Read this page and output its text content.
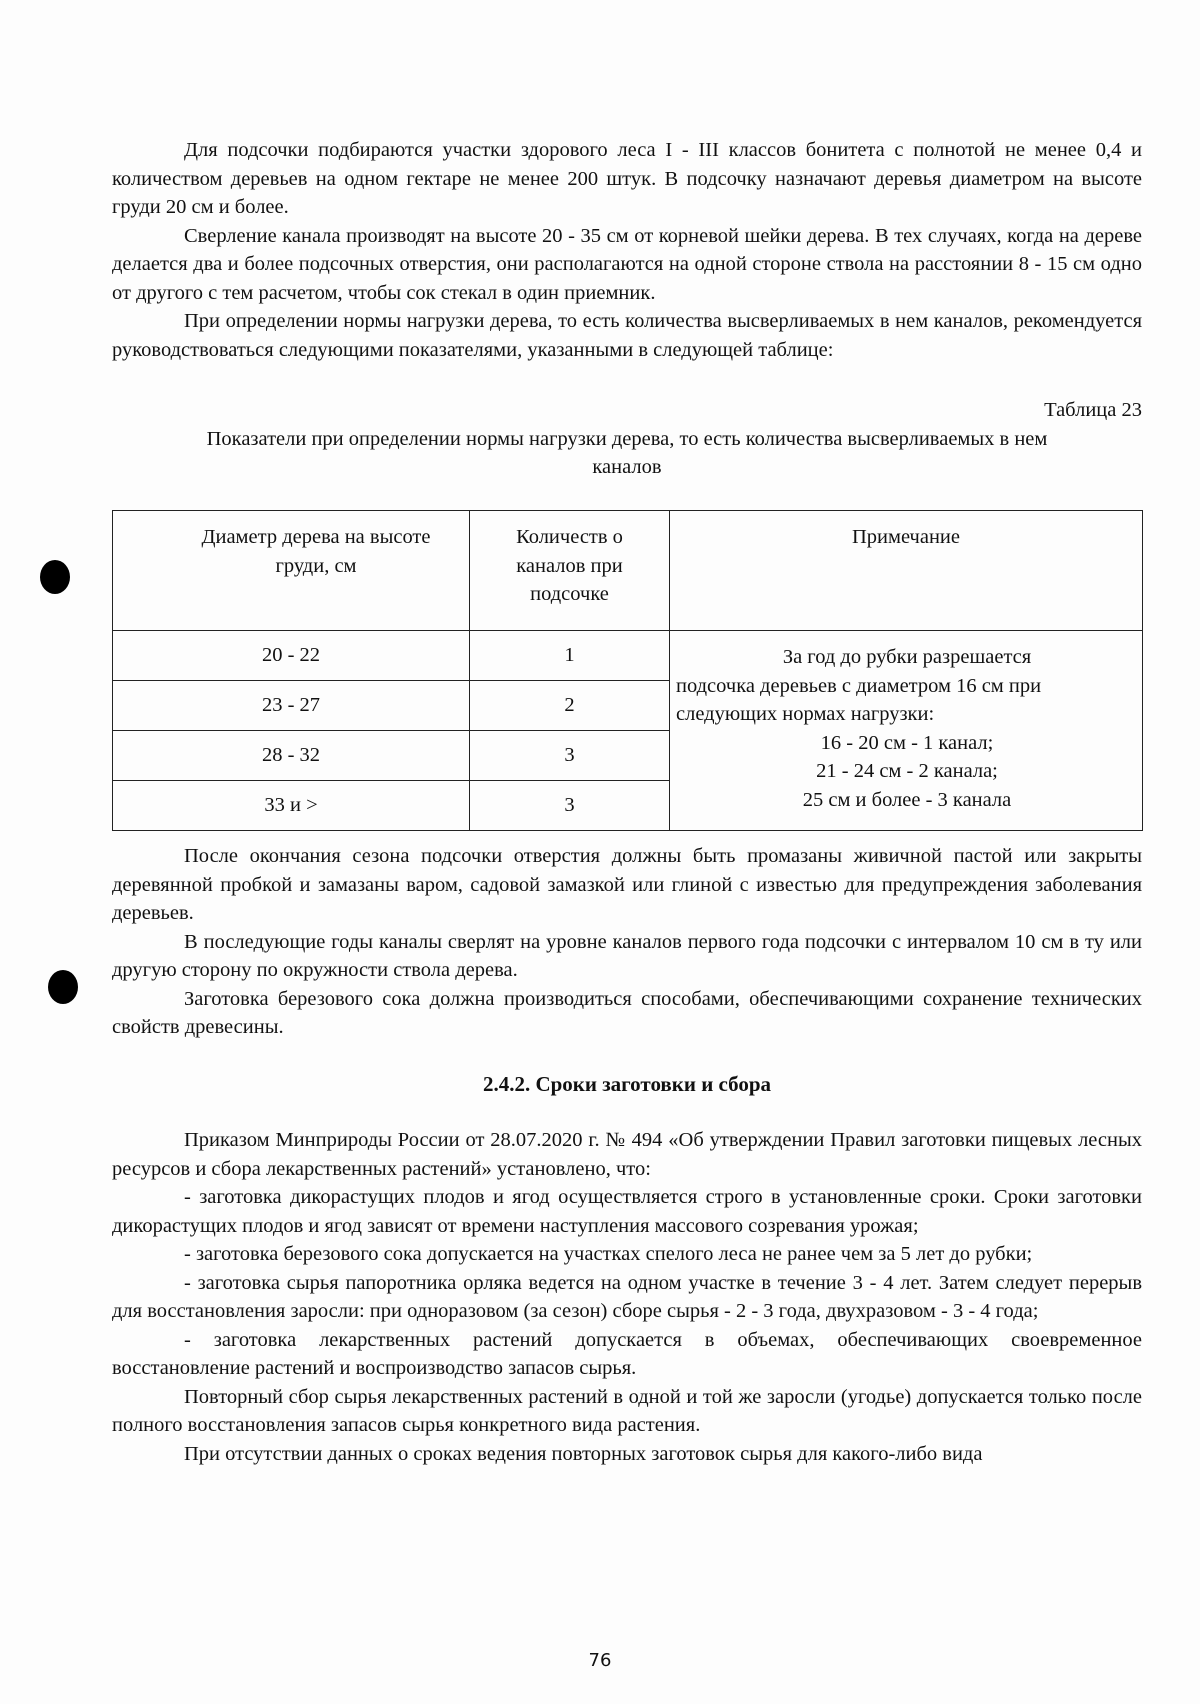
Для подсочки подбираются участки здорового леса I - III классов бонитета с полнотой не менее 0,4 и количеством деревьев на одном гектаре не менее 200 штук. В подсочку назначают деревья диаметром на высоте груди 20 см и более.

Сверление канала производят на высоте 20 - 35 см от корневой шейки дерева. В тех случаях, когда на дереве делается два и более подсочных отверстия, они располагаются на одной стороне ствола на расстоянии 8 - 15 см одно от другого с тем расчетом, чтобы сок стекал в один приемник.

При определении нормы нагрузки дерева, то есть количества высверливаемых в нем каналов, рекомендуется руководствоваться следующими показателями, указанными в следующей таблице:

Таблица 23

Показатели при определении нормы нагрузки дерева, то есть количества высверливаемых в нем

каналов

Диаметр дерева на высоте груди, см	Количеств о каналов при подсочке	Примечание
20 - 22	1	За год до рубки разрешается
подсочка деревьев с диаметром 16 см при
следующих нормах нагрузки:
16 - 20 см - 1 канал;
21 - 24 см - 2 канала;
25 см и более - 3 канала

23 - 27	2	
28 - 32	3	
33 и >	3	

После окончания сезона подсочки отверстия должны быть промазаны живичной пастой или закрыты деревянной пробкой и замазаны варом, садовой замазкой или глиной с известью для предупреждения заболевания деревьев.

В последующие годы каналы сверлят на уровне каналов первого года подсочки с интервалом 10 см в ту или другую сторону по окружности ствола дерева.

Заготовка березового сока должна производиться способами, обеспечивающими сохранение технических свойств древесины.

2.4.2. Сроки заготовки и сбора

Приказом Минприроды России от 28.07.2020 г. № 494 «Об утверждении Правил заготовки пищевых лесных ресурсов и сбора лекарственных растений» установлено, что:

- заготовка дикорастущих плодов и ягод осуществляется строго в установленные сроки. Сроки заготовки дикорастущих плодов и ягод зависят от времени наступления массового созревания урожая;

- заготовка березового сока допускается на участках спелого леса не ранее чем за 5 лет до рубки;

- заготовка сырья папоротника орляка ведется на одном участке в течение 3 - 4 лет. Затем следует перерыв для восстановления заросли: при одноразовом (за сезон) сборе сырья - 2 - 3 года, двухразовом - 3 - 4 года;

- заготовка лекарственных растений допускается в объемах, обеспечивающих своевременное восстановление растений и воспроизводство запасов сырья.

Повторный сбор сырья лекарственных растений в одной и той же заросли (угодье) допускается только после полного восстановления запасов сырья конкретного вида растения.

При отсутствии данных о сроках ведения повторных заготовок сырья для какого-либо вида

76
